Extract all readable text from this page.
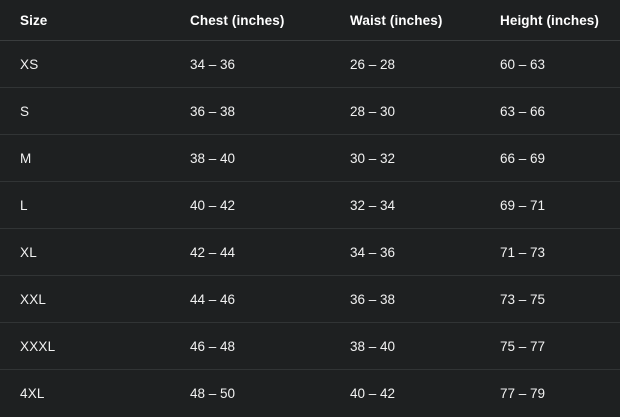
Size	Chest (inches)	Waist (inches)	Height (inches)

XS	34 – 36	26 – 28	60 – 63

S	36 – 38	28 – 30	63 – 66

M	38 – 40	30 – 32	66 – 69

L	40 – 42	32 – 34	69 – 71

XL	42 – 44	34 – 36	71 – 73

XXL	44 – 46	36 – 38	73 – 75

XXXL	46 – 48	38 – 40	75 – 77

4XL	48 – 50	40 – 42	77 – 79
